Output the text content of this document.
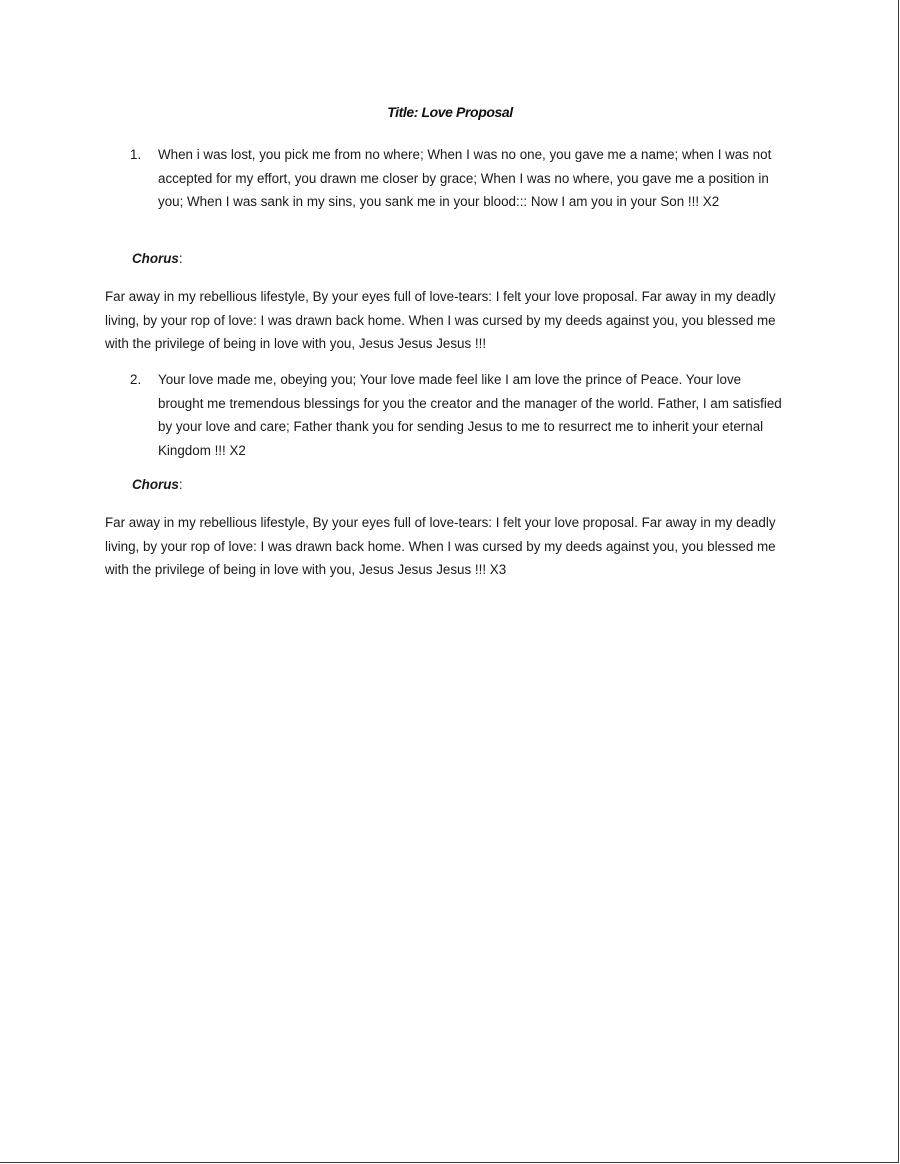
Title: Love Proposal
1. When i was lost, you pick me from no where; When I was no one, you gave me a name; when I was not accepted for my effort, you drawn me closer by grace; When I was no where, you gave me a position in you; When I was sank in my sins, you sank me in your blood::: Now I am you in your Son !!! X2
Chorus:
Far away in my rebellious lifestyle, By your eyes full of love-tears: I felt your love proposal. Far away in my deadly living, by your rop of love: I was drawn back home. When I was cursed by my deeds against you, you blessed me with the privilege of being in love with you, Jesus Jesus Jesus !!!
2. Your love made me, obeying you; Your love made feel like I am love the prince of Peace. Your love brought me tremendous blessings for you the creator and the manager of the world. Father, I am satisfied by your love and care; Father thank you for sending Jesus to me to resurrect me to inherit your eternal Kingdom !!! X2
Chorus:
Far away in my rebellious lifestyle, By your eyes full of love-tears: I felt your love proposal. Far away in my deadly living, by your rop of love: I was drawn back home. When I was cursed by my deeds against you, you blessed me with the privilege of being in love with you, Jesus Jesus Jesus !!! X3
